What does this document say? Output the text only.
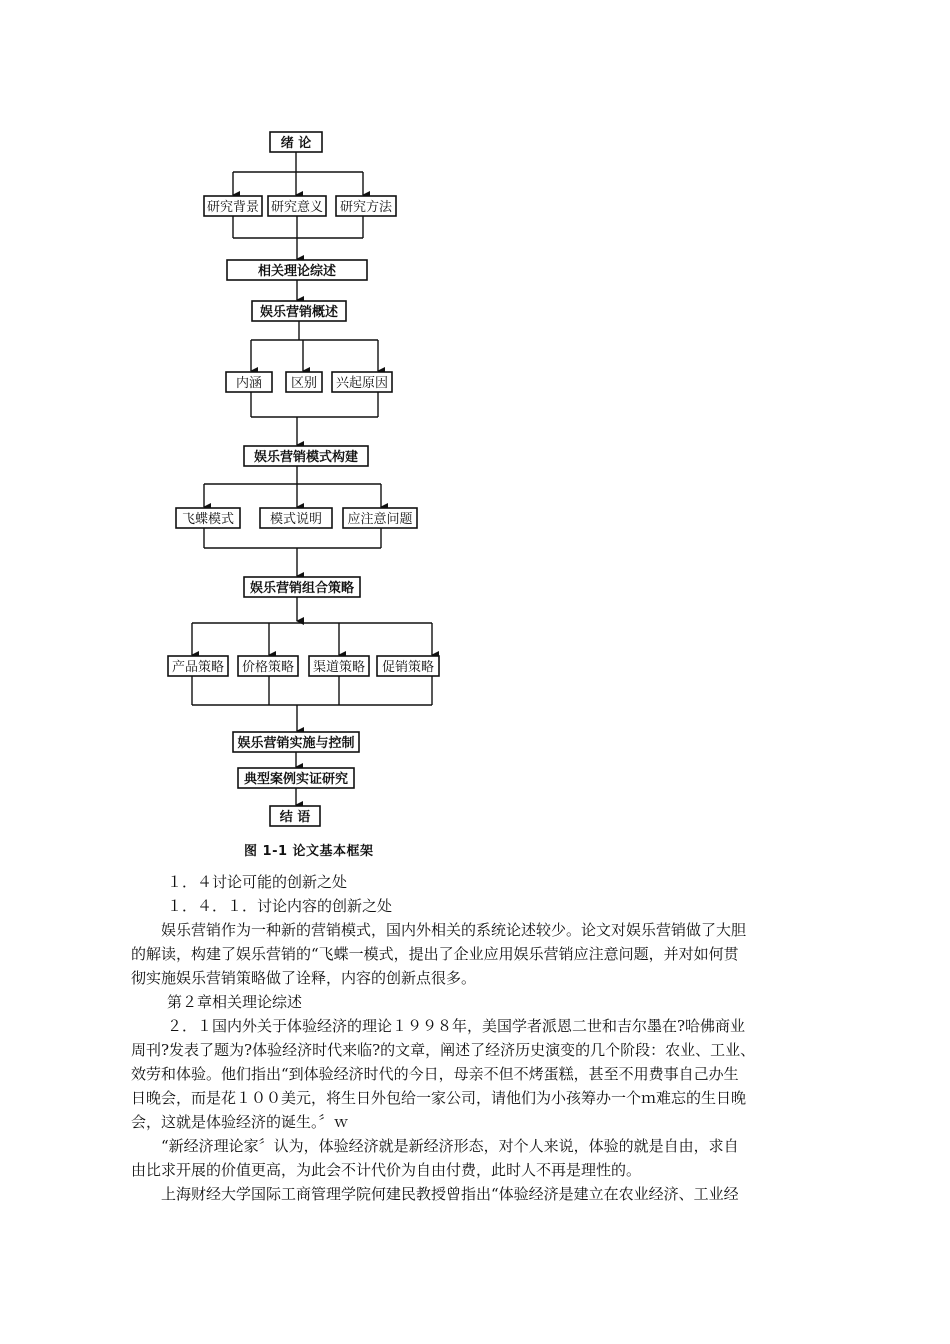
绪 论
研究背景 研究意义 研究方法
相关理论综述
娱乐营销概述
内涵 区别 兴起原因
娱乐营销模式构建
飞蝶模式	模式说明 应注意问题
娱乐营销组合策略
产品策略 价格策略 渠道策略 促销策略
娱乐营销实施与控制
典型案例实证研究
结 语
图 1-1 论文基本框架

１．４讨论可能的创新之处

１．４．１．讨论内容的创新之处

娱乐营销作为一种新的营销模式，国内外相关的系统论述较少。论文对娱乐营销做了大胆

的解读，构建了娱乐营销的“飞蝶一模式，提出了企业应用娱乐营销应注意问题，并对如何贯

彻实施娱乐营销策略做了诠释，内容的创新点很多。

第２章相关理论综述

２．１国内外关于体验经济的理论１９９８年，美国学者派恩二世和吉尔墨在?哈佛商业

周刊?发表了题为?体验经济时代来临?的文章，阐述了经济历史演变的几个阶段：农业、工业、

效劳和体验。他们指出“到体验经济时代的今日，母亲不但不烤蛋糕，甚至不用费事自己办生

日晚会，而是花１００美元，将生日外包给一家公司，请他们为小孩筹办一个ｍ难忘的生日晚

会，这就是体验经济的诞生。〞ｗ

“新经济理论家〞认为，体验经济就是新经济形态，对个人来说，体验的就是自由，求自

由比求开展的价值更高，为此会不计代价为自由付费，此时人不再是理性的。

上海财经大学国际工商管理学院何建民教授曾指出“体验经济是建立在农业经济、工业经
